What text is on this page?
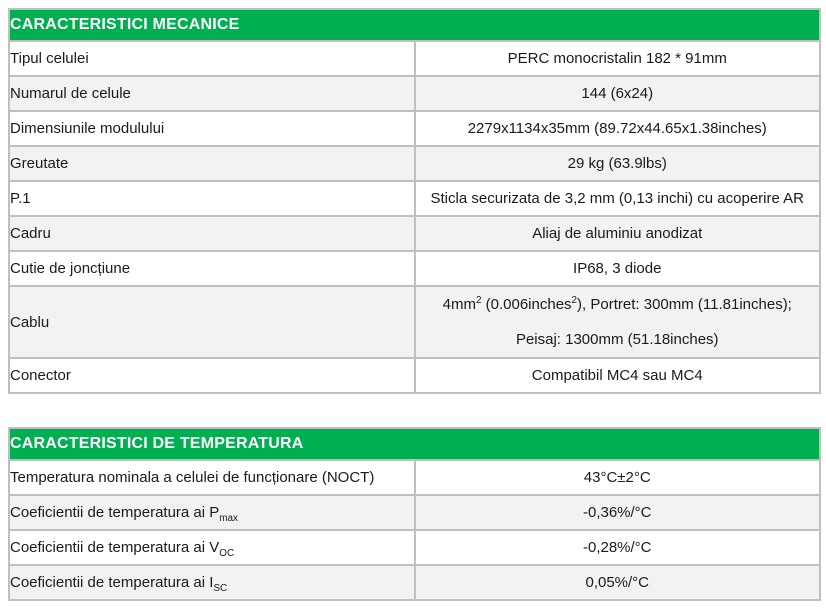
CARACTERISTICI MECANICE	
Tipul celulei	PERC monocristalin 182 * 91mm
Numarul de celule	144 (6x24)
Dimensiunile modulului	2279x1134x35mm (89.72x44.65x1.38inches)
Greutate	29 kg (63.9lbs)
P.1	Sticla securizata de 3,2 mm (0,13 inchi) cu acoperire AR
Cadru	Aliaj de aluminiu anodizat
Cutie de joncțiune	IP68, 3 diode
Cablu	$4mm^2$ (0.006inches$^2$), Portret: 300mm (11.81inches);
Peisaj: 1300mm (51.18inches)

Conector	Compatibil MC4 sau MC4
CARACTERISTICI DE TEMPERATURA	
Temperatura nominala a celulei de funcționare (NOCT)	43°C±2°C
Coeficientii de temperatura ai $P_{max}$	-0,36%/°C
Coeficientii de temperatura ai $V_{OC}$	-0,28%/°C
Coeficientii de temperatura ai $I_{SC}$	0,05%/°C
